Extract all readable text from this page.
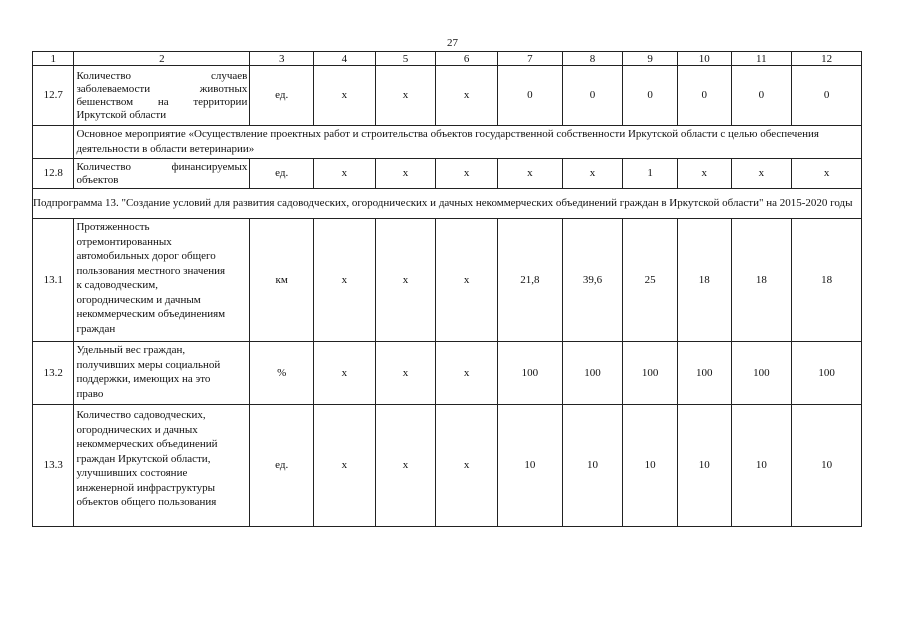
27
1	2	3	4	5	6	7	8	9	10	11	12
12.7	Количество случаев
заболеваемости животных
бешенством на территории
Иркутской области	ед.	x	x	x	0	0	0	0	0	0
	Основное мероприятие «Осуществление проектных работ и строительства объектов государственной собственности Иркутской области с целью обеспечения деятельности в области ветеринарии»										
12.8	Количество финансируемых
объектов	ед.	x	x	x	x	x	1	x	x	x
Подпрограмма 13. "Создание условий для развития садоводческих, огороднических и дачных некоммерческих объединений граждан в Иркутской области" на 2015-2020 годы											
13.1	Протяженность отремонтированных автомобильных дорог общего пользования местного значения к садоводческим, огородническим и дачным некоммерческим объединениям граждан	км	x	x	x	21,8	39,6	25	18	18	18
13.2	Удельный вес граждан, получивших меры социальной поддержки, имеющих на это право	%	x	x	x	100	100	100	100	100	100
13.3	Количество садоводческих, огороднических и дачных некоммерческих объединений граждан Иркутской области, улучшивших состояние инженерной инфраструктуры объектов общего пользования	ед.	x	x	x	10	10	10	10	10	10
